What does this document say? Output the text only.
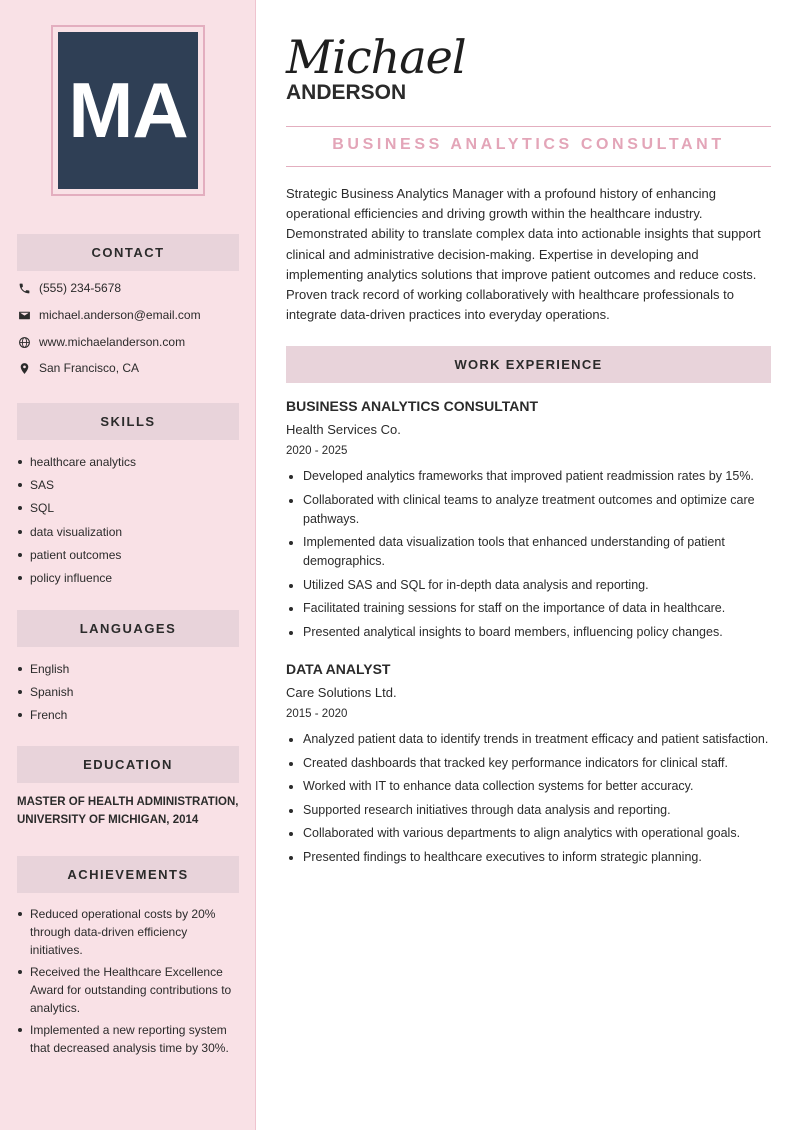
MA
CONTACT
(555) 234-5678
michael.anderson@email.com
www.michaelanderson.com
San Francisco, CA
SKILLS
healthcare analytics
SAS
SQL
data visualization
patient outcomes
policy influence
LANGUAGES
English
Spanish
French
EDUCATION
MASTER OF HEALTH ADMINISTRATION,
UNIVERSITY OF MICHIGAN, 2014
ACHIEVEMENTS
Reduced operational costs by 20% through data-driven efficiency initiatives.
Received the Healthcare Excellence Award for outstanding contributions to analytics.
Implemented a new reporting system that decreased analysis time by 30%.
Michael
ANDERSON
BUSINESS ANALYTICS CONSULTANT

Strategic Business Analytics Manager with a profound history of enhancing operational efficiencies and driving growth within the healthcare industry. Demonstrated ability to translate complex data into actionable insights that support clinical and administrative decision-making. Expertise in developing and implementing analytics solutions that improve patient outcomes and reduce costs. Proven track record of working collaboratively with healthcare professionals to integrate data-driven practices into everyday operations.

WORK EXPERIENCE
BUSINESS ANALYTICS CONSULTANT
Health Services Co.
2020 - 2025
Developed analytics frameworks that improved patient readmission rates by 15%.
Collaborated with clinical teams to analyze treatment outcomes and optimize care pathways.
Implemented data visualization tools that enhanced understanding of patient demographics.
Utilized SAS and SQL for in-depth data analysis and reporting.
Facilitated training sessions for staff on the importance of data in healthcare.
Presented analytical insights to board members, influencing policy changes.
DATA ANALYST
Care Solutions Ltd.
2015 - 2020
Analyzed patient data to identify trends in treatment efficacy and patient satisfaction.
Created dashboards that tracked key performance indicators for clinical staff.
Worked with IT to enhance data collection systems for better accuracy.
Supported research initiatives through data analysis and reporting.
Collaborated with various departments to align analytics with operational goals.
Presented findings to healthcare executives to inform strategic planning.
